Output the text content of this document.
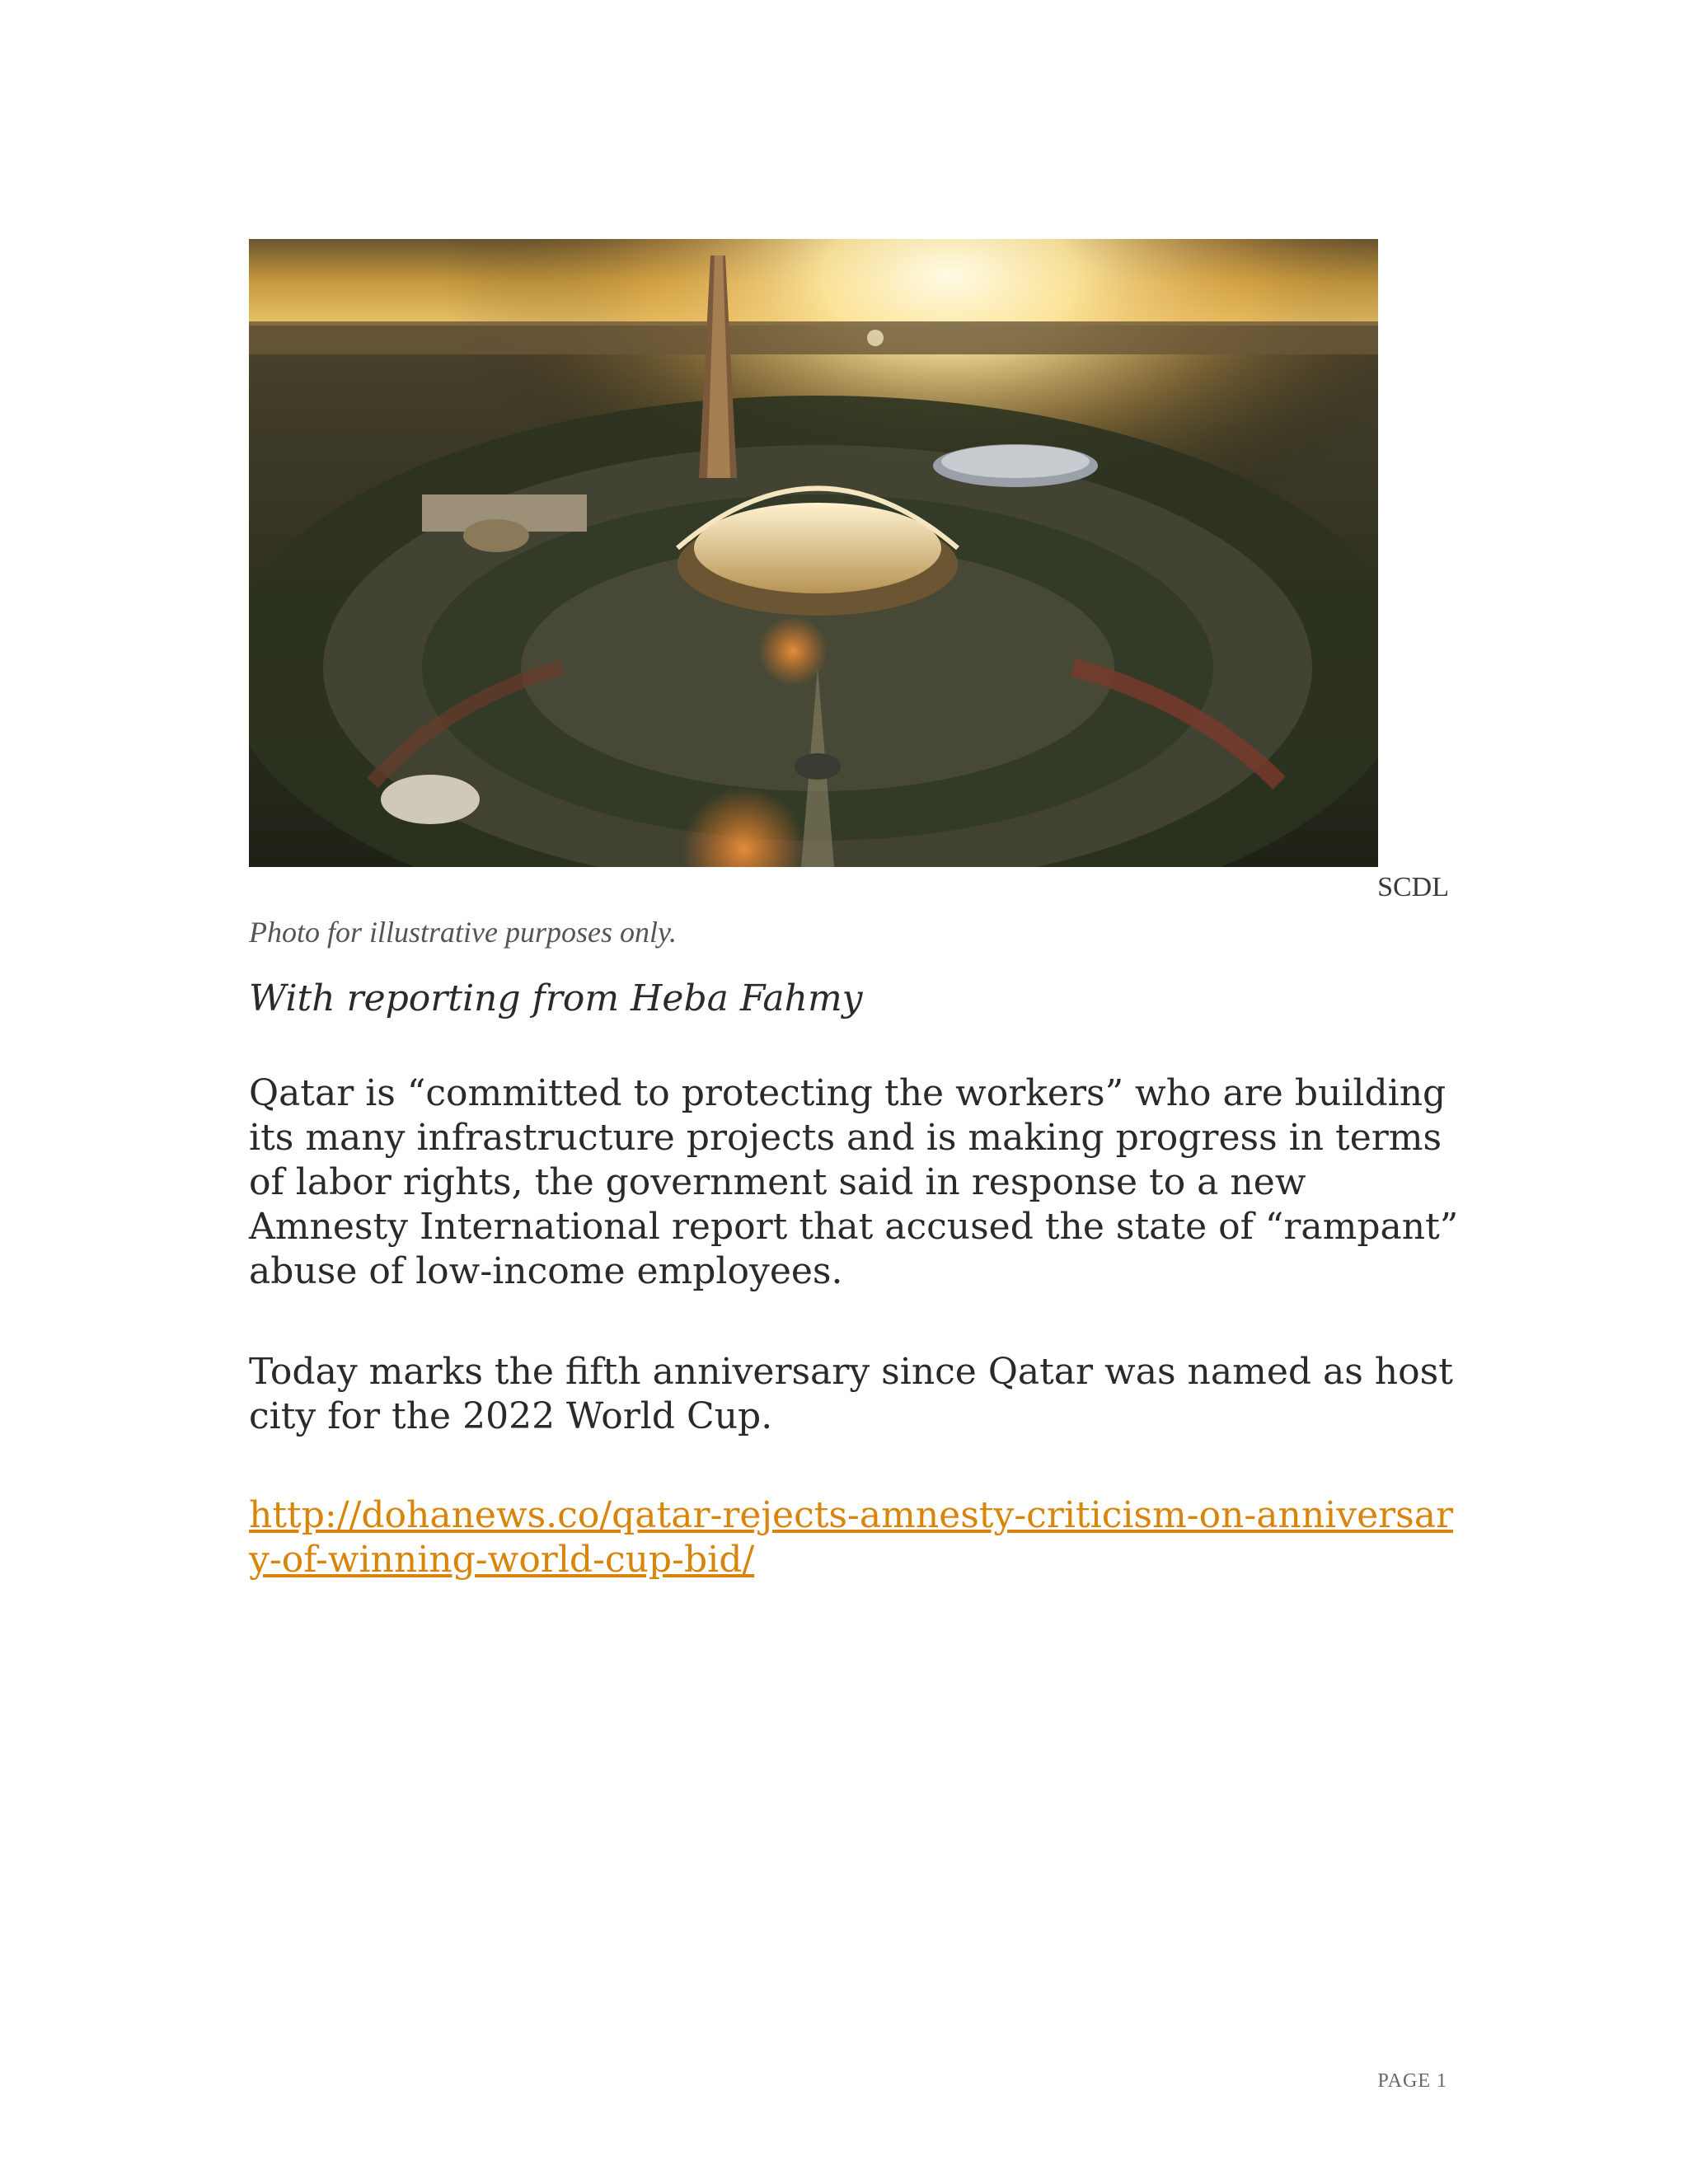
SCDL
Photo for illustrative purposes only.
With reporting from Heba Fahmy

Qatar is “committed to protecting the workers” who are building its many infrastructure projects and is making progress in terms of labor rights, the government said in response to a new Amnesty International report that accused the state of “rampant” abuse of low-income employees.

Today marks the fifth anniversary since Qatar was named as host city for the 2022 World Cup.

http://dohanews.co/qatar-rejects-amnesty-criticism-on-anniversary-of-winning-world-cup-bid/
PAGE 1
